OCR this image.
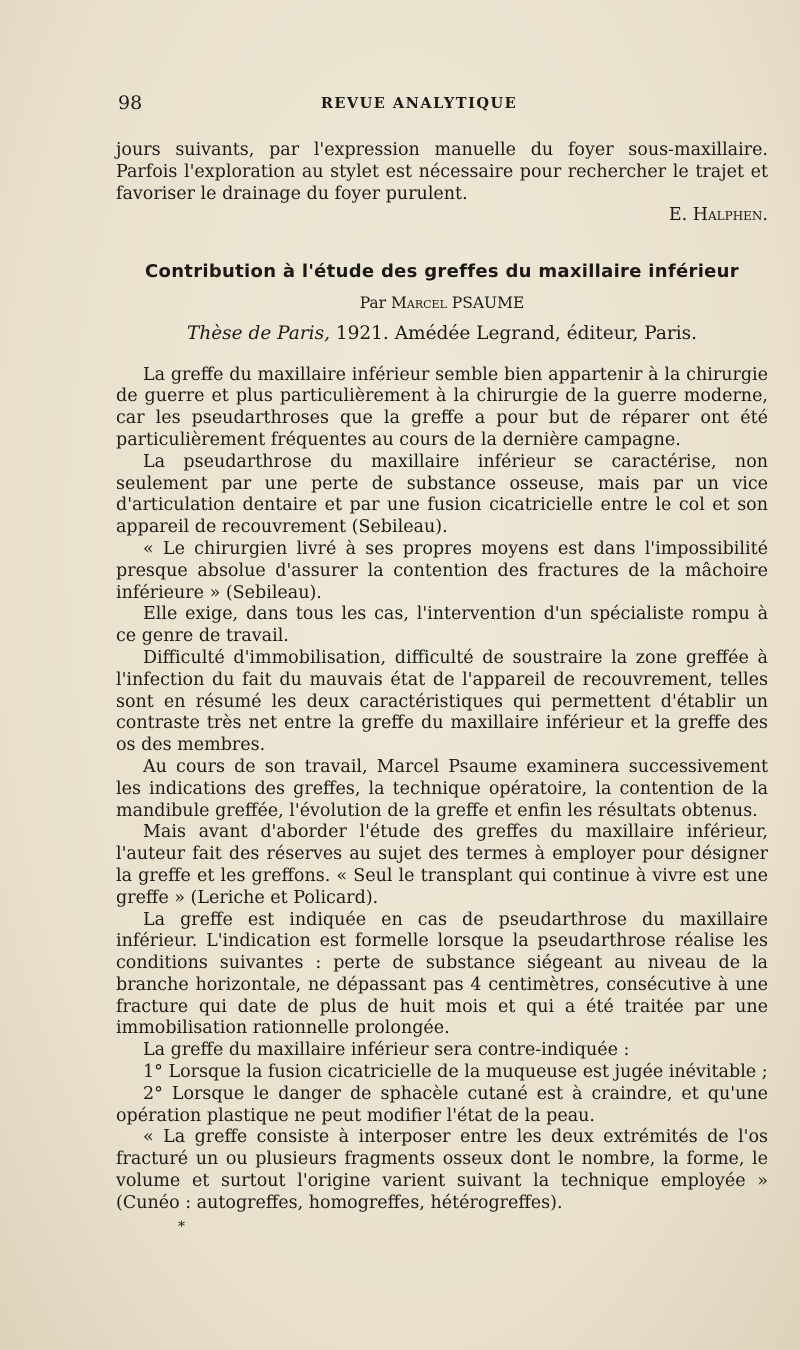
98	REVUE ANALYTIQUE

jours suivants, par l'expression manuelle du foyer sous-maxillaire. Parfois l'exploration au stylet est nécessaire pour rechercher le trajet et favoriser le drainage du foyer purulent.

E. Halphen.

Contribution à l'étude des greffes du maxillaire inférieur
Par Marcel PSAUME
Thèse de Paris, 1921. Amédée Legrand, éditeur, Paris.

La greffe du maxillaire inférieur semble bien appartenir à la chirurgie de guerre et plus particulièrement à la chirurgie de la guerre moderne, car les pseudarthroses que la greffe a pour but de réparer ont été particulièrement fréquentes au cours de la dernière campagne.

La pseudarthrose du maxillaire inférieur se caractérise, non seulement par une perte de substance osseuse, mais par un vice d'articulation dentaire et par une fusion cicatricielle entre le col et son appareil de recouvrement (Sebileau).

« Le chirurgien livré à ses propres moyens est dans l'impossibilité presque absolue d'assurer la contention des fractures de la mâchoire inférieure » (Sebileau).

Elle exige, dans tous les cas, l'intervention d'un spécialiste rompu à ce genre de travail.

Difficulté d'immobilisation, difficulté de soustraire la zone greffée à l'infection du fait du mauvais état de l'appareil de recouvrement, telles sont en résumé les deux caractéristiques qui permettent d'établir un contraste très net entre la greffe du maxillaire inférieur et la greffe des os des membres.

Au cours de son travail, Marcel Psaume examinera successivement les indications des greffes, la technique opératoire, la contention de la mandibule greffée, l'évolution de la greffe et enfin les résultats obtenus.

Mais avant d'aborder l'étude des greffes du maxillaire inférieur, l'auteur fait des réserves au sujet des termes à employer pour désigner la greffe et les greffons. « Seul le transplant qui continue à vivre est une greffe » (Leriche et Policard).

La greffe est indiquée en cas de pseudarthrose du maxillaire inférieur. L'indication est formelle lorsque la pseudarthrose réalise les conditions suivantes : perte de substance siégeant au niveau de la branche horizontale, ne dépassant pas 4 centimètres, consécutive à une fracture qui date de plus de huit mois et qui a été traitée par une immobilisation rationnelle prolongée.

La greffe du maxillaire inférieur sera contre-indiquée :

1° Lorsque la fusion cicatricielle de la muqueuse est jugée inévitable ;

2° Lorsque le danger de sphacèle cutané est à craindre, et qu'une opération plastique ne peut modifier l'état de la peau.

« La greffe consiste à interposer entre les deux extrémités de l'os fracturé un ou plusieurs fragments osseux dont le nombre, la forme, le volume et surtout l'origine varient suivant la technique employée » (Cunéo : autogreffes, homogreffes, hétérogreffes).

*
